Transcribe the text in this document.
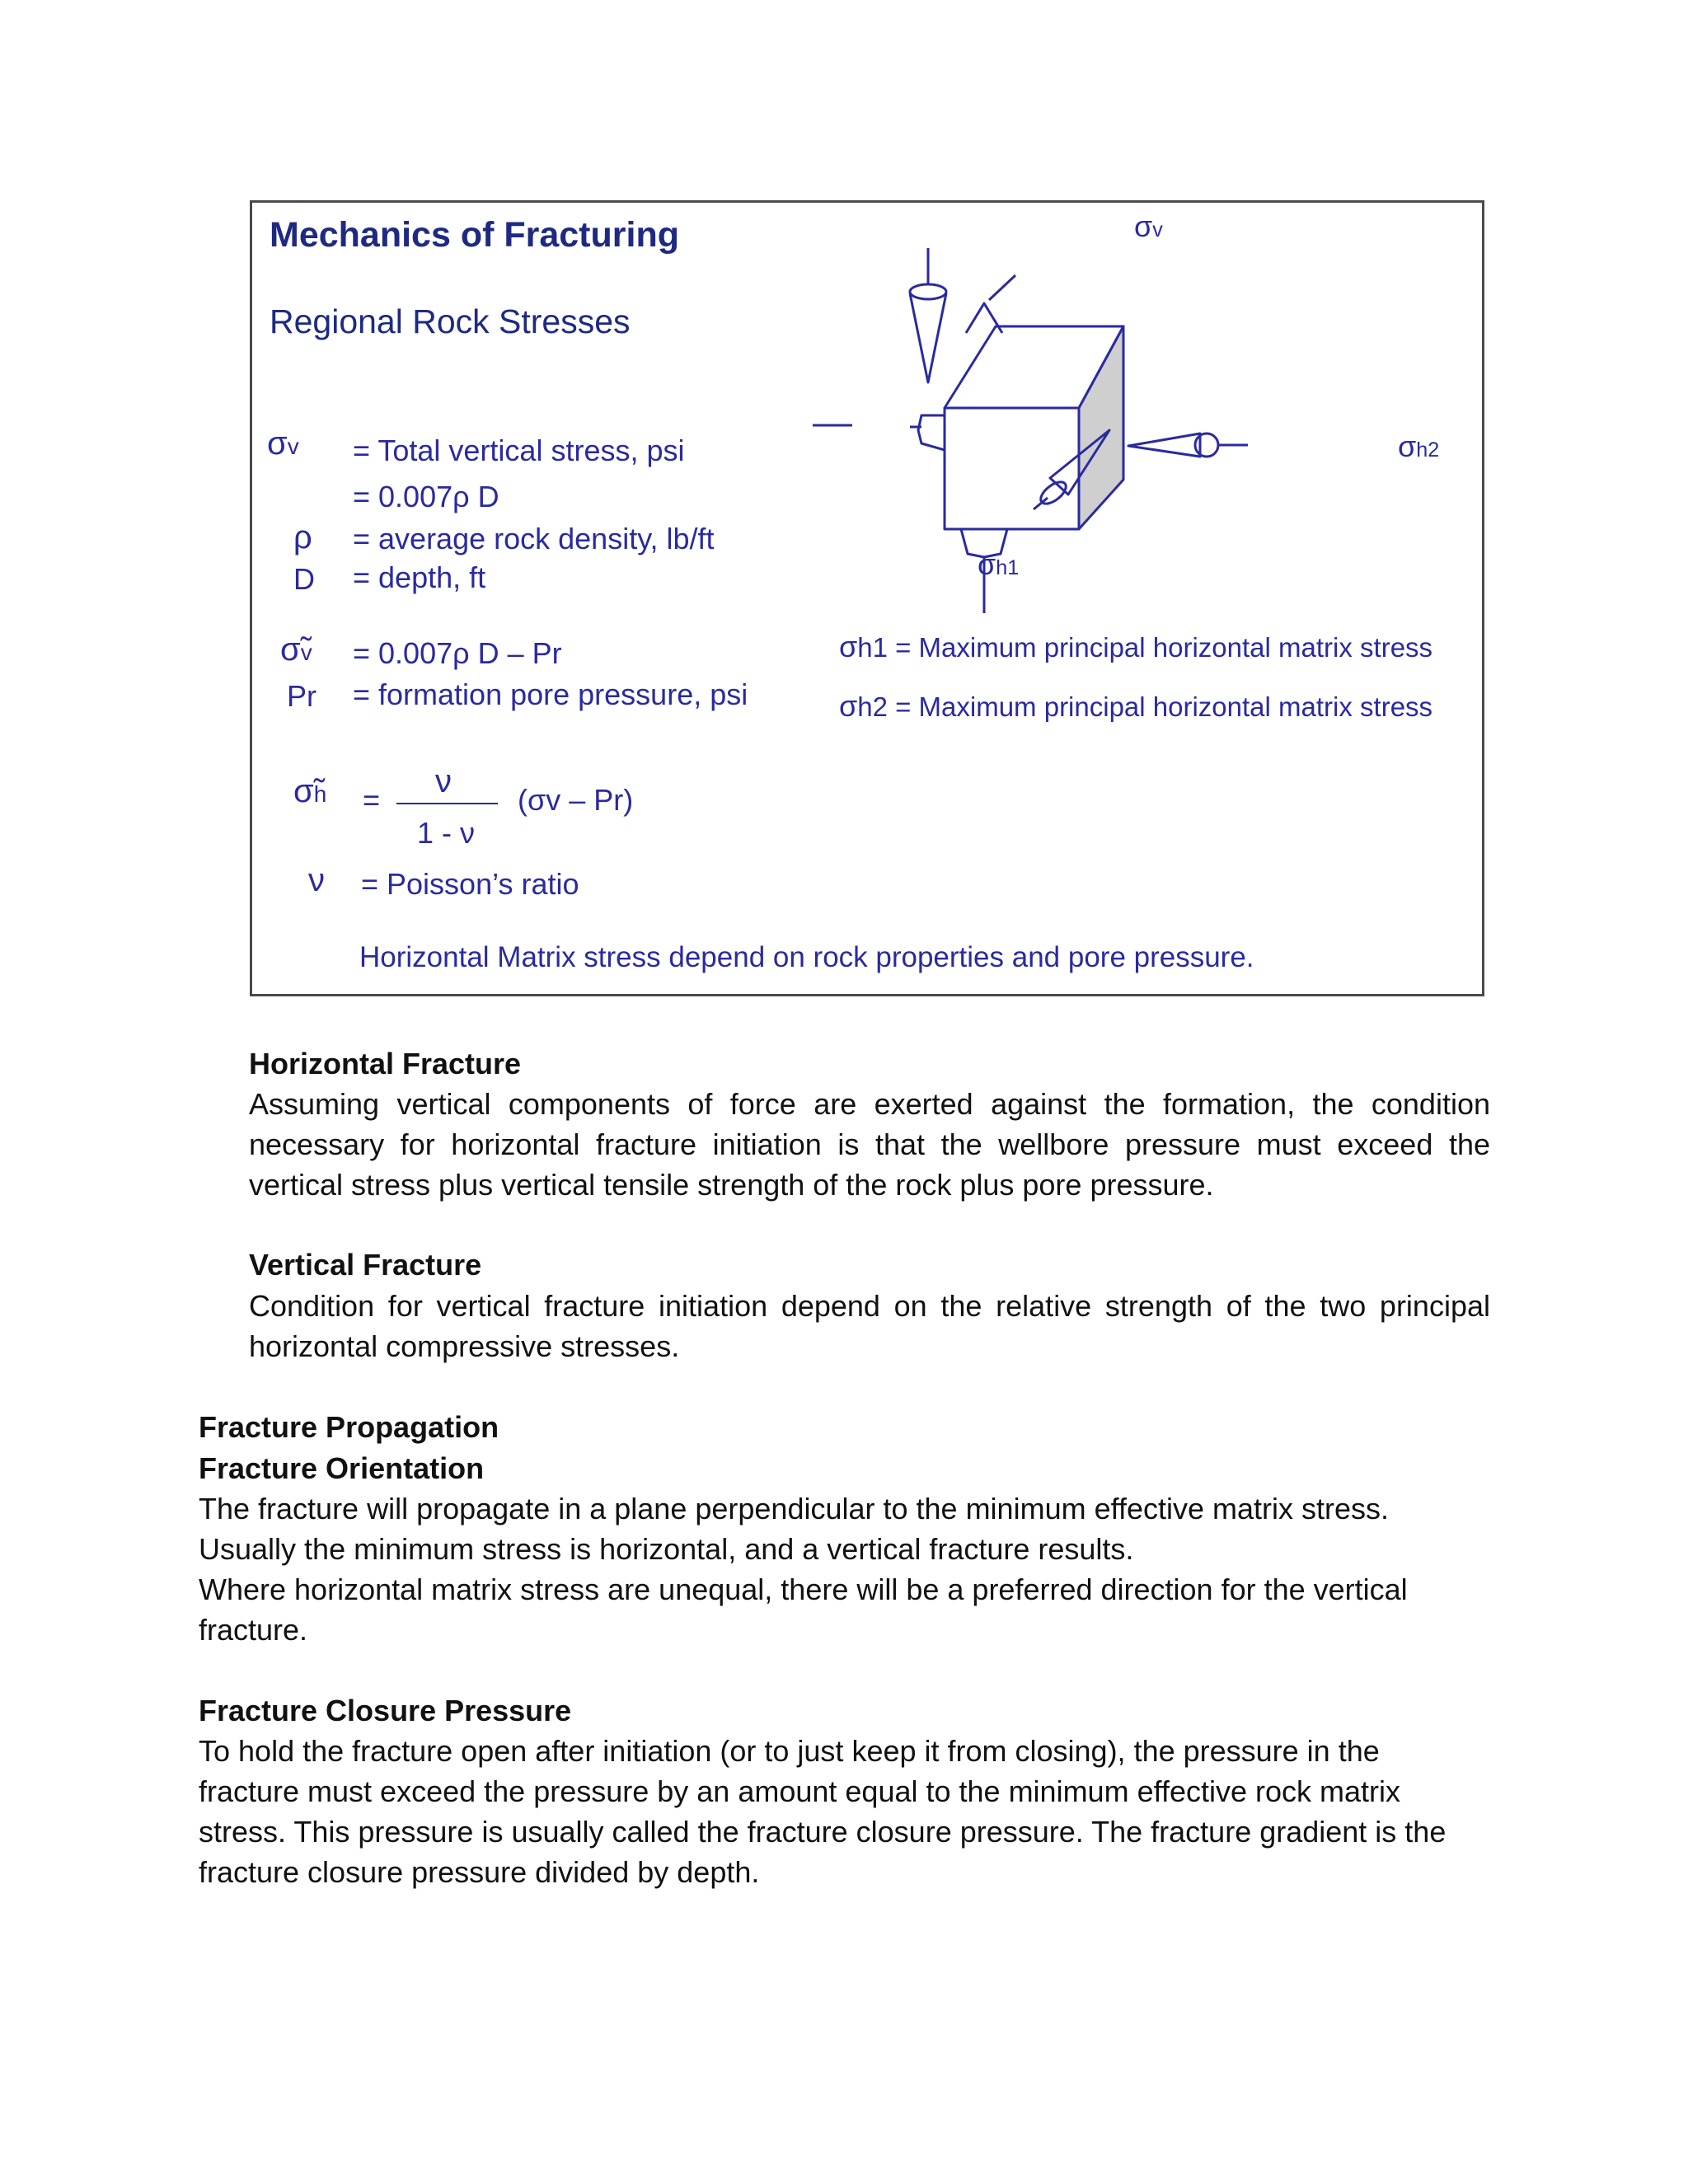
Mechanics of Fracturing
Regional Rock Stresses
σv = Total vertical stress, psi
= 0.007ρ D
ρ = average rock density, lb/ft
D = depth, ft
σ̃v = 0.007ρ D – Pr
Pr = formation pore pressure, psi
σ̃h =
ν
1 - ν
(σv – Pr)
ν = Poisson’s ratio
Horizontal Matrix stress depend on rock properties and pore pressure.
σv
σh2
σh1
σh1 = Maximum principal horizontal matrix stress
σh2 = Maximum principal horizontal matrix stress
Horizontal Fracture
Assuming vertical components of force are exerted against the formation, the condition necessary for horizontal fracture initiation is that the wellbore pressure must exceed the vertical stress plus vertical tensile strength of the rock plus pore pressure.
Vertical Fracture
Condition for vertical fracture initiation depend on the relative strength of the two principal horizontal compressive stresses.
Fracture Propagation
Fracture Orientation

The fracture will propagate in a plane perpendicular to the minimum effective matrix stress.

Usually the minimum stress is horizontal, and a vertical fracture results.

Where horizontal matrix stress are unequal, there will be a preferred direction for the vertical fracture.

Fracture Closure Pressure
To hold the fracture open after initiation (or to just keep it from closing), the pressure in the fracture must exceed the pressure by an amount equal to the minimum effective rock matrix stress. This pressure is usually called the fracture closure pressure. The fracture gradient is the fracture closure pressure divided by depth.
